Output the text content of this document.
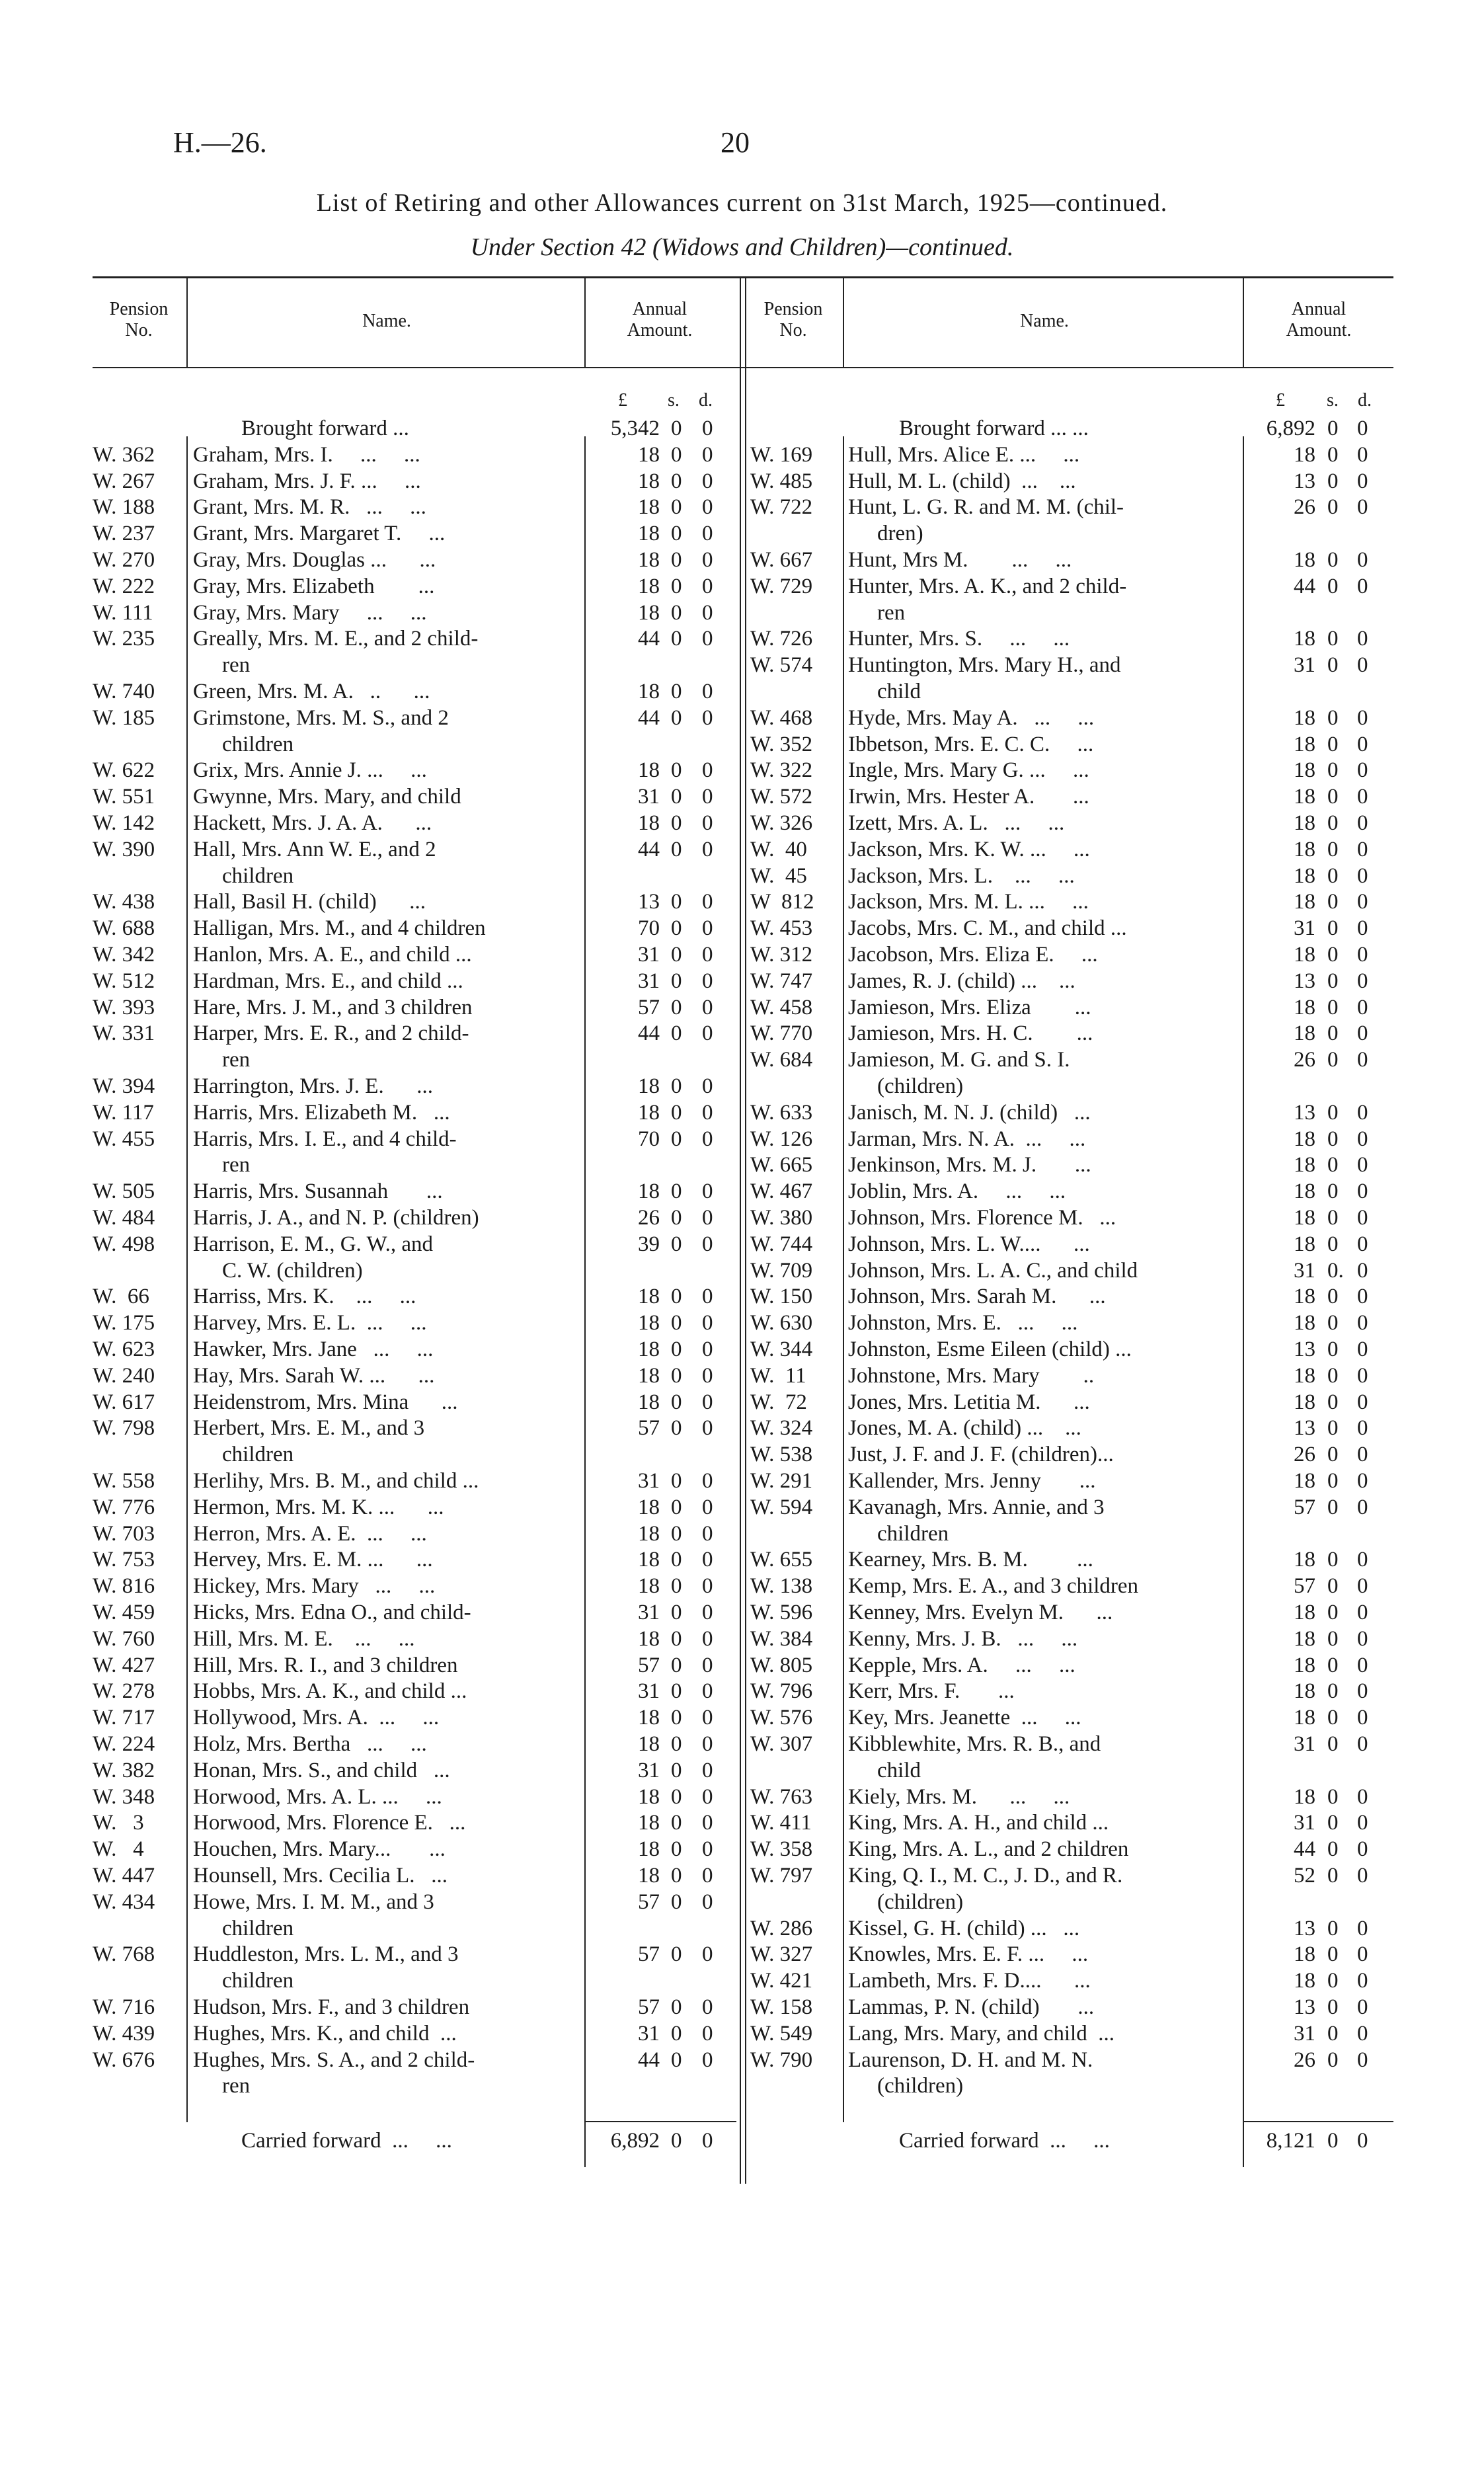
H.—26.	20
List of Retiring and other Allowances current on 31st March, 1925—continued.
Under Section 42 (Widows and Children)—continued.
Pension
No.	Name.
Annual
Amount.
Pension
No.	Name.
Annual
Amount.
£ s. d.	£ s. d.
Brought forward ...	5,342 0 0
W. 362 Graham, Mrs. I.     ...     ...	18 0 0
W. 267 Graham, Mrs. J. F. ...     ...	18 0 0
W. 188 Grant, Mrs. M. R.   ...     ...	18 0 0
W. 237 Grant, Mrs. Margaret T.     ...	18 0 0
W. 270 Gray, Mrs. Douglas ...      ...	18 0 0
W. 222 Gray, Mrs. Elizabeth        ...	18 0 0
W. 111 Gray, Mrs. Mary     ...     ...	18 0 0
W. 235 Greally, Mrs. M. E., and 2 child-	44 0 0
ren
W. 740 Green, Mrs. M. A.   ..      ...	18 0 0
W. 185 Grimstone, Mrs. M. S., and 2	44 0 0
children
W. 622 Grix, Mrs. Annie J. ...     ...	18 0 0
W. 551 Gwynne, Mrs. Mary, and child	31 0 0
W. 142 Hackett, Mrs. J. A. A.      ...	18 0 0
W. 390 Hall, Mrs. Ann W. E., and 2	44 0 0
children
W. 438 Hall, Basil H. (child)      ...	13 0 0
W. 688 Halligan, Mrs. M., and 4 children	70 0 0
W. 342 Hanlon, Mrs. A. E., and child ...	31 0 0
W. 512 Hardman, Mrs. E., and child ...	31 0 0
W. 393 Hare, Mrs. J. M., and 3 children	57 0 0
W. 331 Harper, Mrs. E. R., and 2 child-	44 0 0
ren
W. 394 Harrington, Mrs. J. E.      ...	18 0 0
W. 117 Harris, Mrs. Elizabeth M.   ...	18 0 0
W. 455 Harris, Mrs. I. E., and 4 child-	70 0 0
ren
W. 505 Harris, Mrs. Susannah       ...	18 0 0
W. 484 Harris, J. A., and N. P. (children)	26 0 0
W. 498 Harrison, E. M., G. W., and	39 0 0
C. W. (children)
W.  66 Harriss, Mrs. K.    ...     ...	18 0 0
W. 175 Harvey, Mrs. E. L.  ...     ...	18 0 0
W. 623 Hawker, Mrs. Jane   ...     ...	18 0 0
W. 240 Hay, Mrs. Sarah W. ...      ...	18 0 0
W. 617 Heidenstrom, Mrs. Mina      ...	18 0 0
W. 798 Herbert, Mrs. E. M., and 3	57 0 0
children
W. 558 Herlihy, Mrs. B. M., and child ...	31 0 0
W. 776 Hermon, Mrs. M. K. ...      ...	18 0 0
W. 703 Herron, Mrs. A. E.  ...     ...	18 0 0
W. 753 Hervey, Mrs. E. M. ...      ...	18 0 0
W. 816 Hickey, Mrs. Mary   ...     ...	18 0 0
W. 459 Hicks, Mrs. Edna O., and child-	31 0 0
W. 760 Hill, Mrs. M. E.    ...     ...	18 0 0
W. 427 Hill, Mrs. R. I., and 3 children	57 0 0
W. 278 Hobbs, Mrs. A. K., and child ...	31 0 0
W. 717 Hollywood, Mrs. A.  ...     ...	18 0 0
W. 224 Holz, Mrs. Bertha   ...     ...	18 0 0
W. 382 Honan, Mrs. S., and child   ...	31 0 0
W. 348 Horwood, Mrs. A. L. ...     ...	18 0 0
W.   3 Horwood, Mrs. Florence E.   ...	18 0 0
W.   4 Houchen, Mrs. Mary...       ...	18 0 0
W. 447 Hounsell, Mrs. Cecilia L.   ...	18 0 0
W. 434 Howe, Mrs. I. M. M., and 3	57 0 0
children
W. 768 Huddleston, Mrs. L. M., and 3	57 0 0
children
W. 716 Hudson, Mrs. F., and 3 children	57 0 0
W. 439 Hughes, Mrs. K., and child  ...	31 0 0
W. 676 Hughes, Mrs. S. A., and 2 child-	44 0 0
ren
Carried forward  ...     ...	6,892 0 0
Brought forward ... ...	6,892 0 0
W. 169 Hull, Mrs. Alice E. ...     ...	18 0 0
W. 485 Hull, M. L. (child)  ...    ...	13 0 0
W. 722 Hunt, L. G. R. and M. M. (chil-	26 0 0
dren)
W. 667 Hunt, Mrs M.        ...     ...	18 0 0
W. 729 Hunter, Mrs. A. K., and 2 child-	44 0 0
ren
W. 726 Hunter, Mrs. S.     ...     ...	18 0 0
W. 574 Huntington, Mrs. Mary H., and	31 0 0
child
W. 468 Hyde, Mrs. May A.   ...     ...	18 0 0
W. 352 Ibbetson, Mrs. E. C. C.     ...	18 0 0
W. 322 Ingle, Mrs. Mary G. ...     ...	18 0 0
W. 572 Irwin, Mrs. Hester A.       ...	18 0 0
W. 326 Izett, Mrs. A. L.   ...     ...	18 0 0
W.  40 Jackson, Mrs. K. W. ...     ...	18 0 0
W.  45 Jackson, Mrs. L.    ...     ...	18 0 0
W  812 Jackson, Mrs. M. L. ...     ...	18 0 0
W. 453 Jacobs, Mrs. C. M., and child ...	31 0 0
W. 312 Jacobson, Mrs. Eliza E.     ...	18 0 0
W. 747 James, R. J. (child) ...    ...	13 0 0
W. 458 Jamieson, Mrs. Eliza        ...	18 0 0
W. 770 Jamieson, Mrs. H. C.        ...	18 0 0
W. 684 Jamieson, M. G. and S. I.	26 0 0
(children)
W. 633 Janisch, M. N. J. (child)   ...	13 0 0
W. 126 Jarman, Mrs. N. A.  ...     ...	18 0 0
W. 665 Jenkinson, Mrs. M. J.       ...	18 0 0
W. 467 Joblin, Mrs. A.     ...     ...	18 0 0
W. 380 Johnson, Mrs. Florence M.   ...	18 0 0
W. 744 Johnson, Mrs. L. W....      ...	18 0 0
W. 709 Johnson, Mrs. L. A. C., and child	31 0. 0
W. 150 Johnson, Mrs. Sarah M.      ...	18 0 0
W. 630 Johnston, Mrs. E.   ...     ...	18 0 0
W. 344 Johnston, Esme Eileen (child) ...	13 0 0
W.  11 Johnstone, Mrs. Mary        ..	18 0 0
W.  72 Jones, Mrs. Letitia M.      ...	18 0 0
W. 324 Jones, M. A. (child) ...    ...	13 0 0
W. 538 Just, J. F. and J. F. (children)...	26 0 0
W. 291 Kallender, Mrs. Jenny       ...	18 0 0
W. 594 Kavanagh, Mrs. Annie, and 3	57 0 0
children
W. 655 Kearney, Mrs. B. M.         ...	18 0 0
W. 138 Kemp, Mrs. E. A., and 3 children	57 0 0
W. 596 Kenney, Mrs. Evelyn M.      ...	18 0 0
W. 384 Kenny, Mrs. J. B.   ...     ...	18 0 0
W. 805 Kepple, Mrs. A.     ...     ...	18 0 0
W. 796 Kerr, Mrs. F.       ...	18 0 0
W. 576 Key, Mrs. Jeanette  ...     ...	18 0 0
W. 307 Kibblewhite, Mrs. R. B., and	31 0 0
child
W. 763 Kiely, Mrs. M.      ...     ...	18 0 0
W. 411 King, Mrs. A. H., and child ...	31 0 0
W. 358 King, Mrs. A. L., and 2 children	44 0 0
W. 797 King, Q. I., M. C., J. D., and R.	52 0 0
(children)
W. 286 Kissel, G. H. (child) ...   ...	13 0 0
W. 327 Knowles, Mrs. E. F. ...     ...	18 0 0
W. 421 Lambeth, Mrs. F. D....      ...	18 0 0
W. 158 Lammas, P. N. (child)       ...	13 0 0
W. 549 Lang, Mrs. Mary, and child  ...	31 0 0
W. 790 Laurenson, D. H. and M. N.	26 0 0
(children)
Carried forward  ...     ...	8,121 0 0
